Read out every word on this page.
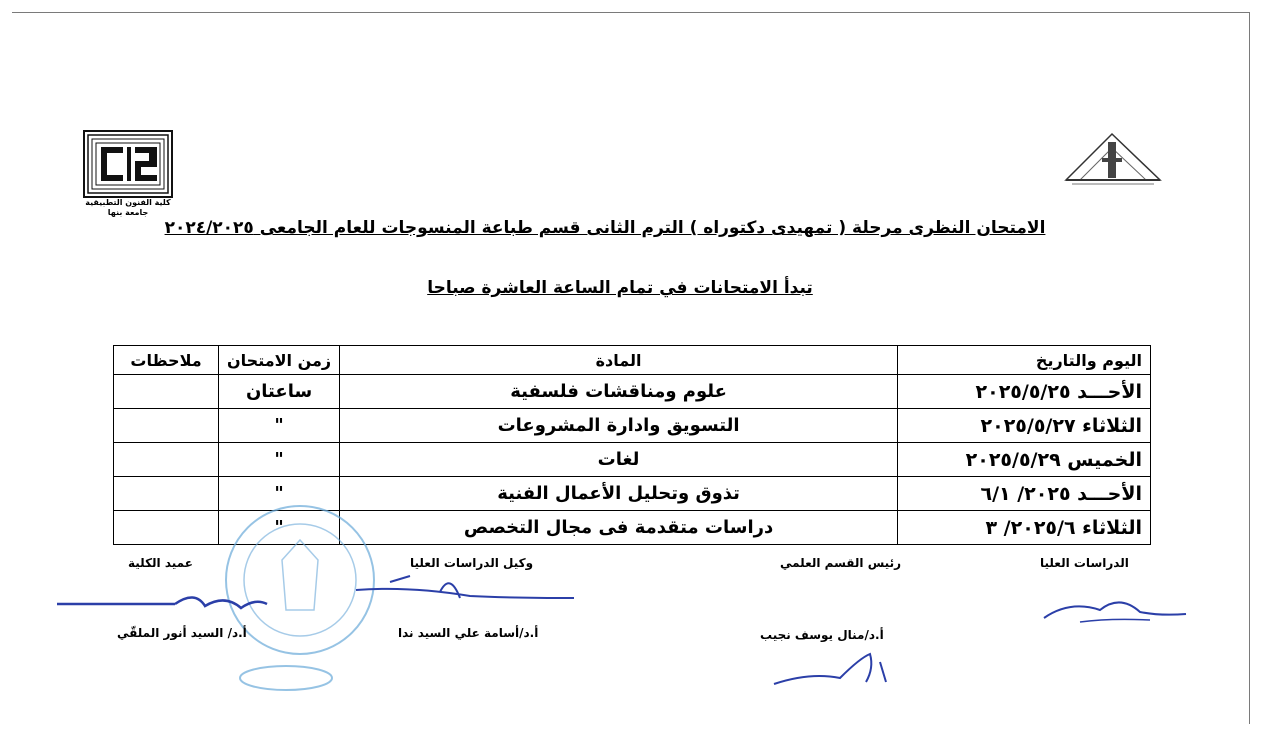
كلية الفنون التطبيقية
جامعة بنها
الامتحان النظرى مرحلة ( تمهيدى دكتوراه ) الترم الثانى قسم طباعة المنسوجات للعام الجامعى ٢٠٢٤/٢٠٢٥
تبدأ الامتحانات في تمام الساعة العاشرة صباحا
اليوم والتاريخ	المادة	زمن الامتحان	ملاحظات
الأحـــد ٢٠٢٥/٥/٢٥	علوم ومناقشات فلسفية	ساعتان	
الثلاثاء ٢٠٢٥/٥/٢٧	التسويق وادارة المشروعات	"	
الخميس ٢٠٢٥/٥/٢٩	لغات	"	
الأحـــد ٢٠٢٥/ ٦/١	تذوق وتحليل الأعمال الفنية	"	
الثلاثاء ٢٠٢٥/٦/ ٣	دراسات متقدمة فى مجال التخصص	"	
الدراسات العليا
رئيس القسم العلمي
أ.د/منال يوسف نجيب
وكيل الدراسات العليا
أ.د/أسامة علي السيد ندا
عميد الكلية
أ.د/ السيد أنور الملقّي
